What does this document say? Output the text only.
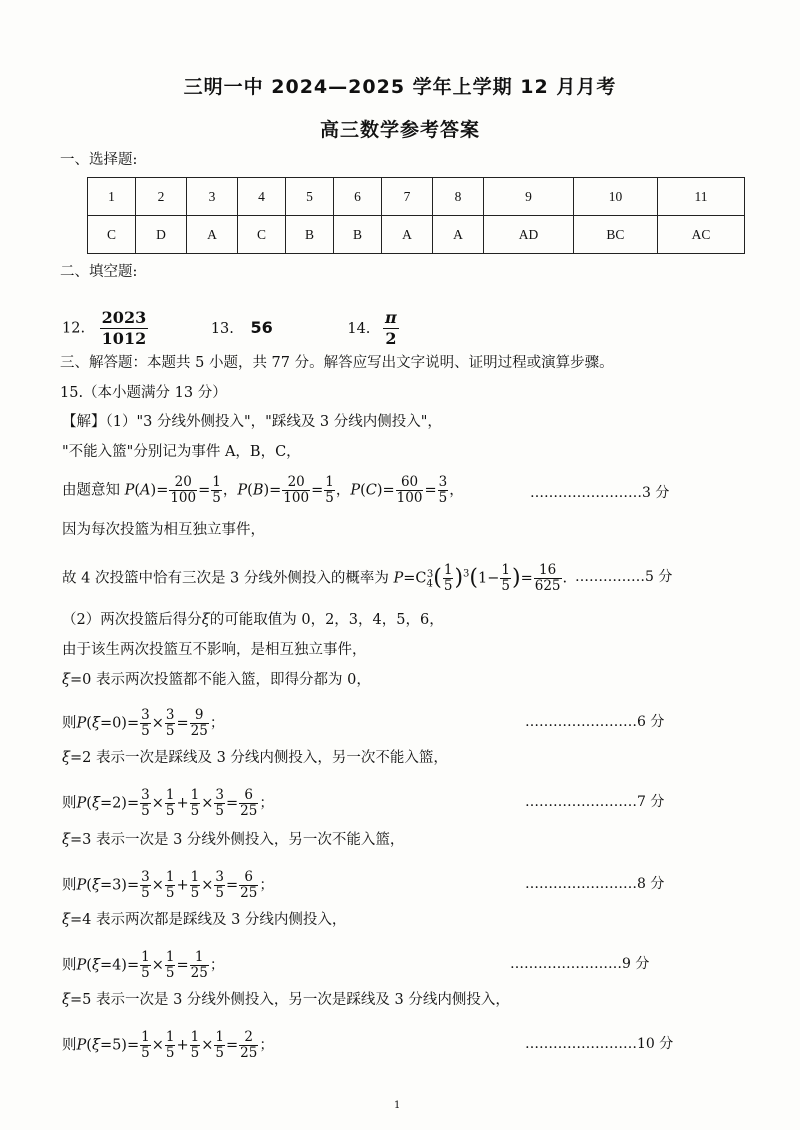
三明一中 2024—2025 学年上学期 12 月月考
高三数学参考答案
一、选择题:
1	2	3	4	5	6	7	8	9	10	11
C	D	A	C	B	B	A	A	AD	BC	AC
二、填空题:
12. $\frac{2023}{1012}$	13. 56	14. $\frac{\pi}{2}$
三、解答题：本题共 5 小题，共 77 分。解答应写出文字说明、证明过程或演算步骤。
15.（本小题满分 13 分）
【解】（1）"3 分线外侧投入"，"踩线及 3 分线内侧投入"，
"不能入篮"分别记为事件 A，B，C，
由题意知 $P(A)= \frac{20}{100} = \frac{1}{5}$ ，$P(B)= \frac{20}{100} = \frac{1}{5}$ ，$P(C)= \frac{60}{100} = \frac{3}{5}$ ，	……………………3 分
因为每次投篮为相互独立事件，
故 4 次投篮中恰有三次是 3 分线外侧投入的概率为 $P=C_4^3( \frac{1}{5} )^3(1- \frac{1}{5}$ )= $\frac{16}{625}$ . ……………5 分
（2）两次投篮后得分ξ的可能取值为 0，2，3，4，5，6，
由于该生两次投篮互不影响，是相互独立事件，
ξ=0 表示两次投篮都不能入篮，即得分都为 0，
则$P(\xi=0)= \frac{3}{5} \times \frac{3}{5} = \frac{9}{25}$ ；	……………………6 分
ξ=2 表示一次是踩线及 3 分线内侧投入，另一次不能入篮，
则$P(\xi=2)= \frac{3}{5} \times \frac{1}{5} + \frac{1}{5} \times \frac{3}{5} = \frac{6}{25}$ ；	……………………7 分
ξ=3 表示一次是 3 分线外侧投入，另一次不能入篮，
则$P(\xi=3)= \frac{3}{5} \times \frac{1}{5} + \frac{1}{5} \times \frac{3}{5} = \frac{6}{25}$ ；	……………………8 分
ξ=4 表示两次都是踩线及 3 分线内侧投入，
则$P(\xi=4)= \frac{1}{5} \times \frac{1}{5} = \frac{1}{25}$ ；	……………………9 分
ξ=5 表示一次是 3 分线外侧投入，另一次是踩线及 3 分线内侧投入，
则$P(\xi=5)= \frac{1}{5} \times \frac{1}{5} + \frac{1}{5} \times \frac{1}{5} = \frac{2}{25}$ ；	……………………10 分
1
